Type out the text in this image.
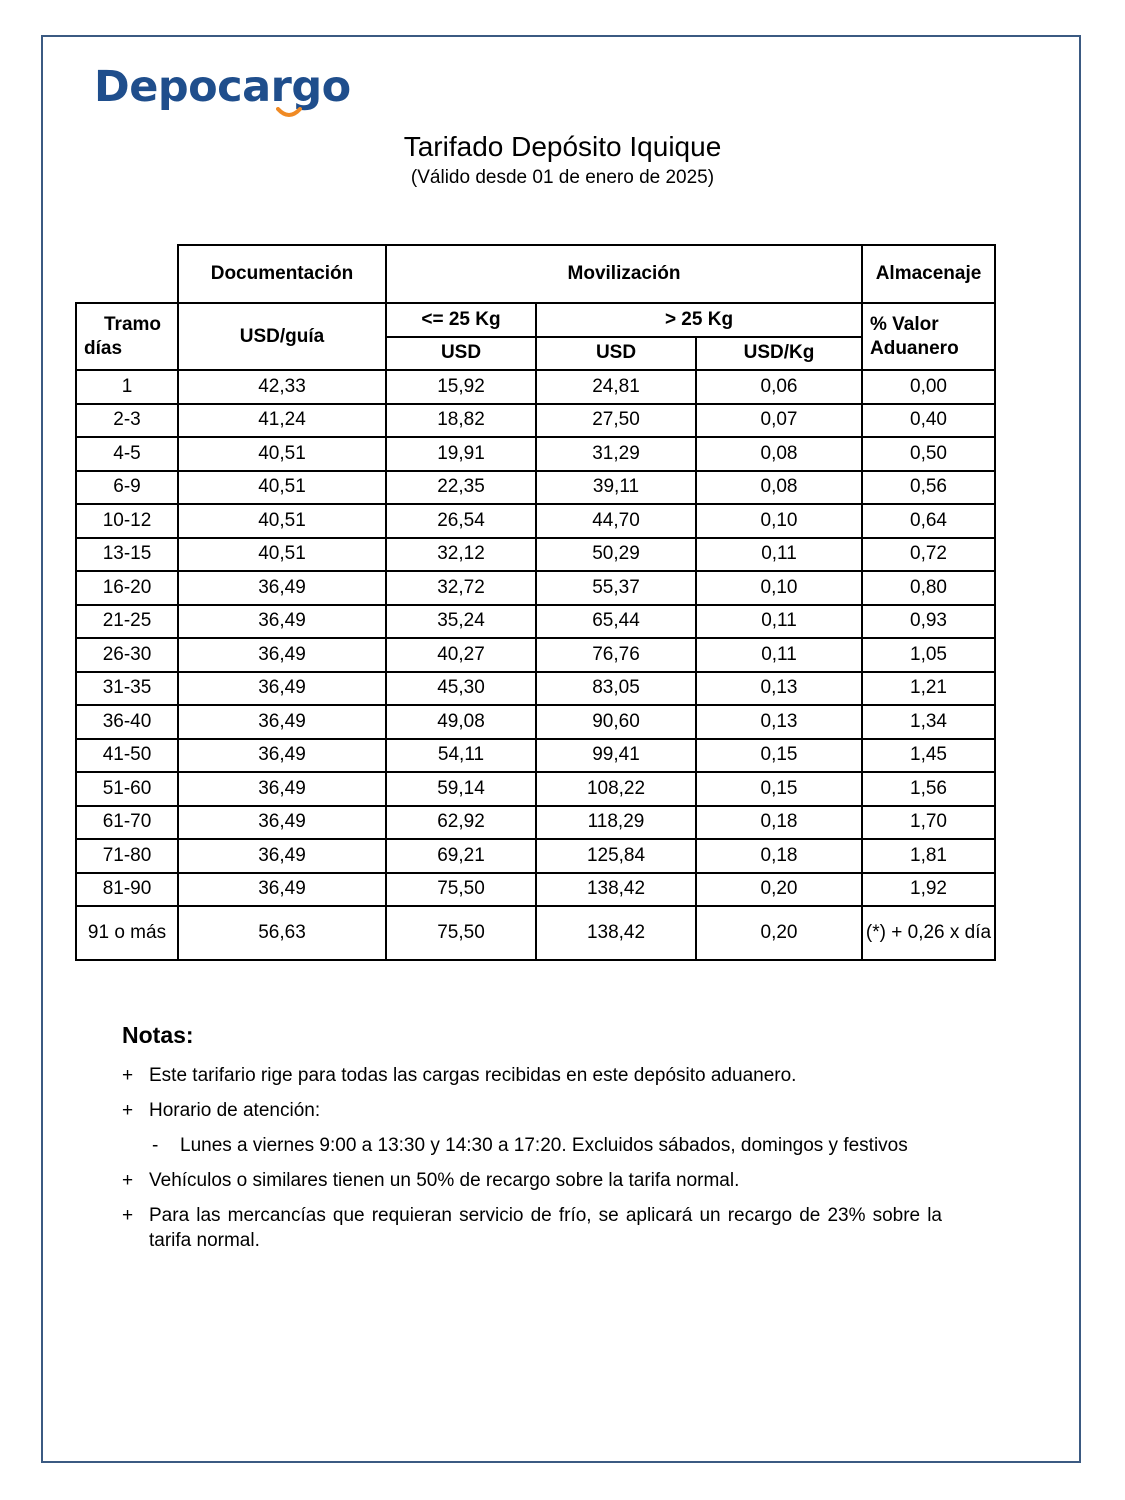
Depocargo
Tarifado Depósito Iquique
(Válido desde 01 de enero de 2025)
	Documentación	Movilización			Almacenaje
Tramo días	USD/guía	<= 25 Kg	> 25 Kg		% Valor Aduanero
		USD	USD	USD/Kg	
1	42,33	15,92	24,81	0,06	0,00
2-3	41,24	18,82	27,50	0,07	0,40
4-5	40,51	19,91	31,29	0,08	0,50
6-9	40,51	22,35	39,11	0,08	0,56
10-12	40,51	26,54	44,70	0,10	0,64
13-15	40,51	32,12	50,29	0,11	0,72
16-20	36,49	32,72	55,37	0,10	0,80
21-25	36,49	35,24	65,44	0,11	0,93
26-30	36,49	40,27	76,76	0,11	1,05
31-35	36,49	45,30	83,05	0,13	1,21
36-40	36,49	49,08	90,60	0,13	1,34
41-50	36,49	54,11	99,41	0,15	1,45
51-60	36,49	59,14	108,22	0,15	1,56
61-70	36,49	62,92	118,29	0,18	1,70
71-80	36,49	69,21	125,84	0,18	1,81
81-90	36,49	75,50	138,42	0,20	1,92
91 o más	56,63	75,50	138,42	0,20	(*) + 0,26 x día
Notas:
+ Este tarifario rige para todas las cargas recibidas en este depósito aduanero.
+ Horario de atención:
- Lunes a viernes 9:00 a 13:30 y 14:30 a 17:20. Excluidos sábados, domingos y festivos
+ Vehículos o similares tienen un 50% de recargo sobre la tarifa normal.
+ Para las mercancías que requieran servicio de frío, se aplicará un recargo de 23% sobre la tarifa normal.
